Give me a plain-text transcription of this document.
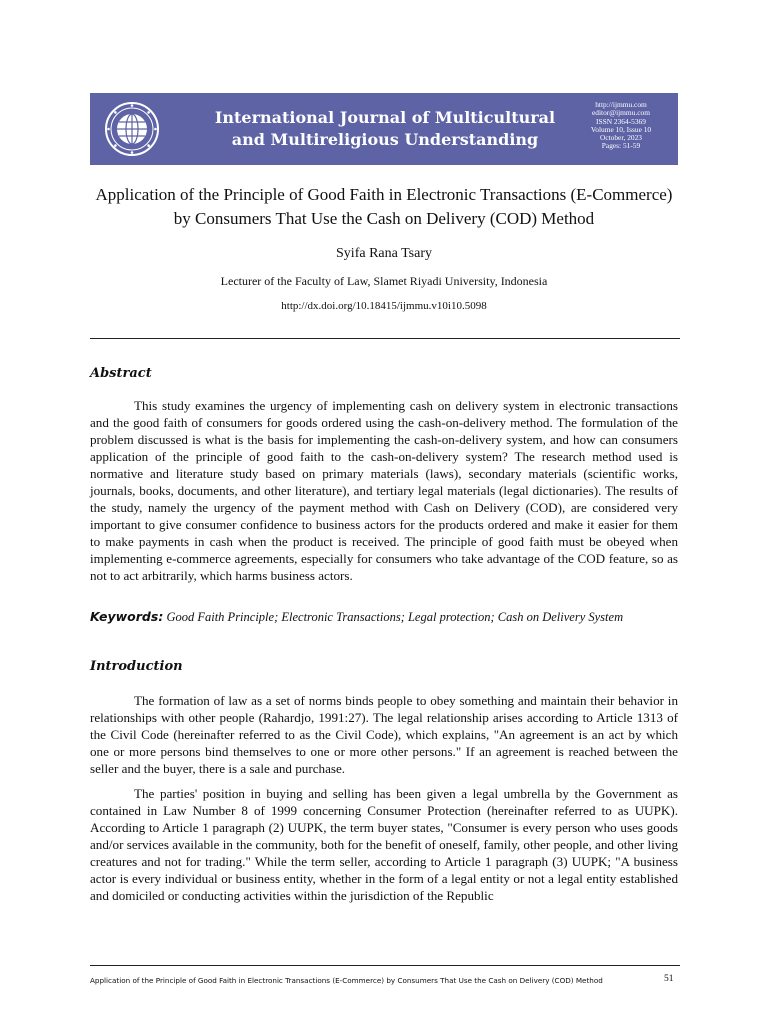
International Journal of Multicultural
and Multireligious Understanding
http://ijmmu.com
editor@ijmmu.com
ISSN 2364-5369
Volume 10, Issue 10
October, 2023
Pages: 51-59
Application of the Principle of Good Faith in Electronic Transactions (E-Commerce) by Consumers That Use the Cash on Delivery (COD) Method
Syifa Rana Tsary
Lecturer of the Faculty of Law, Slamet Riyadi University, Indonesia
http://dx.doi.org/10.18415/ijmmu.v10i10.5098
Abstract

This study examines the urgency of implementing cash on delivery system in electronic transactions and the good faith of consumers for goods ordered using the cash-on-delivery method. The formulation of the problem discussed is what is the basis for implementing the cash-on-delivery system, and how can consumers application of the principle of good faith to the cash-on-delivery system? The research method used is normative and literature study based on primary materials (laws), secondary materials (scientific works, journals, books, documents, and other literature), and tertiary legal materials (legal dictionaries). The results of the study, namely the urgency of the payment method with Cash on Delivery (COD), are considered very important to give consumer confidence to business actors for the products ordered and make it easier for them to make payments in cash when the product is received. The principle of good faith must be obeyed when implementing e-commerce agreements, especially for consumers who take advantage of the COD feature, so as not to act arbitrarily, which harms business actors.

Keywords: Good Faith Principle; Electronic Transactions; Legal protection; Cash on Delivery System
Introduction

The formation of law as a set of norms binds people to obey something and maintain their behavior in relationships with other people (Rahardjo, 1991:27). The legal relationship arises according to Article 1313 of the Civil Code (hereinafter referred to as the Civil Code), which explains, "An agreement is an act by which one or more persons bind themselves to one or more other persons." If an agreement is reached between the seller and the buyer, there is a sale and purchase.

The parties' position in buying and selling has been given a legal umbrella by the Government as contained in Law Number 8 of 1999 concerning Consumer Protection (hereinafter referred to as UUPK). According to Article 1 paragraph (2) UUPK, the term buyer states, "Consumer is every person who uses goods and/or services available in the community, both for the benefit of oneself, family, other people, and other living creatures and not for trading." While the term seller, according to Article 1 paragraph (3) UUPK; "A business actor is every individual or business entity, whether in the form of a legal entity or not a legal entity established and domiciled or conducting activities within the jurisdiction of the Republic

Application of the Principle of Good Faith in Electronic Transactions (E-Commerce) by Consumers That Use the Cash on Delivery (COD) Method	51
